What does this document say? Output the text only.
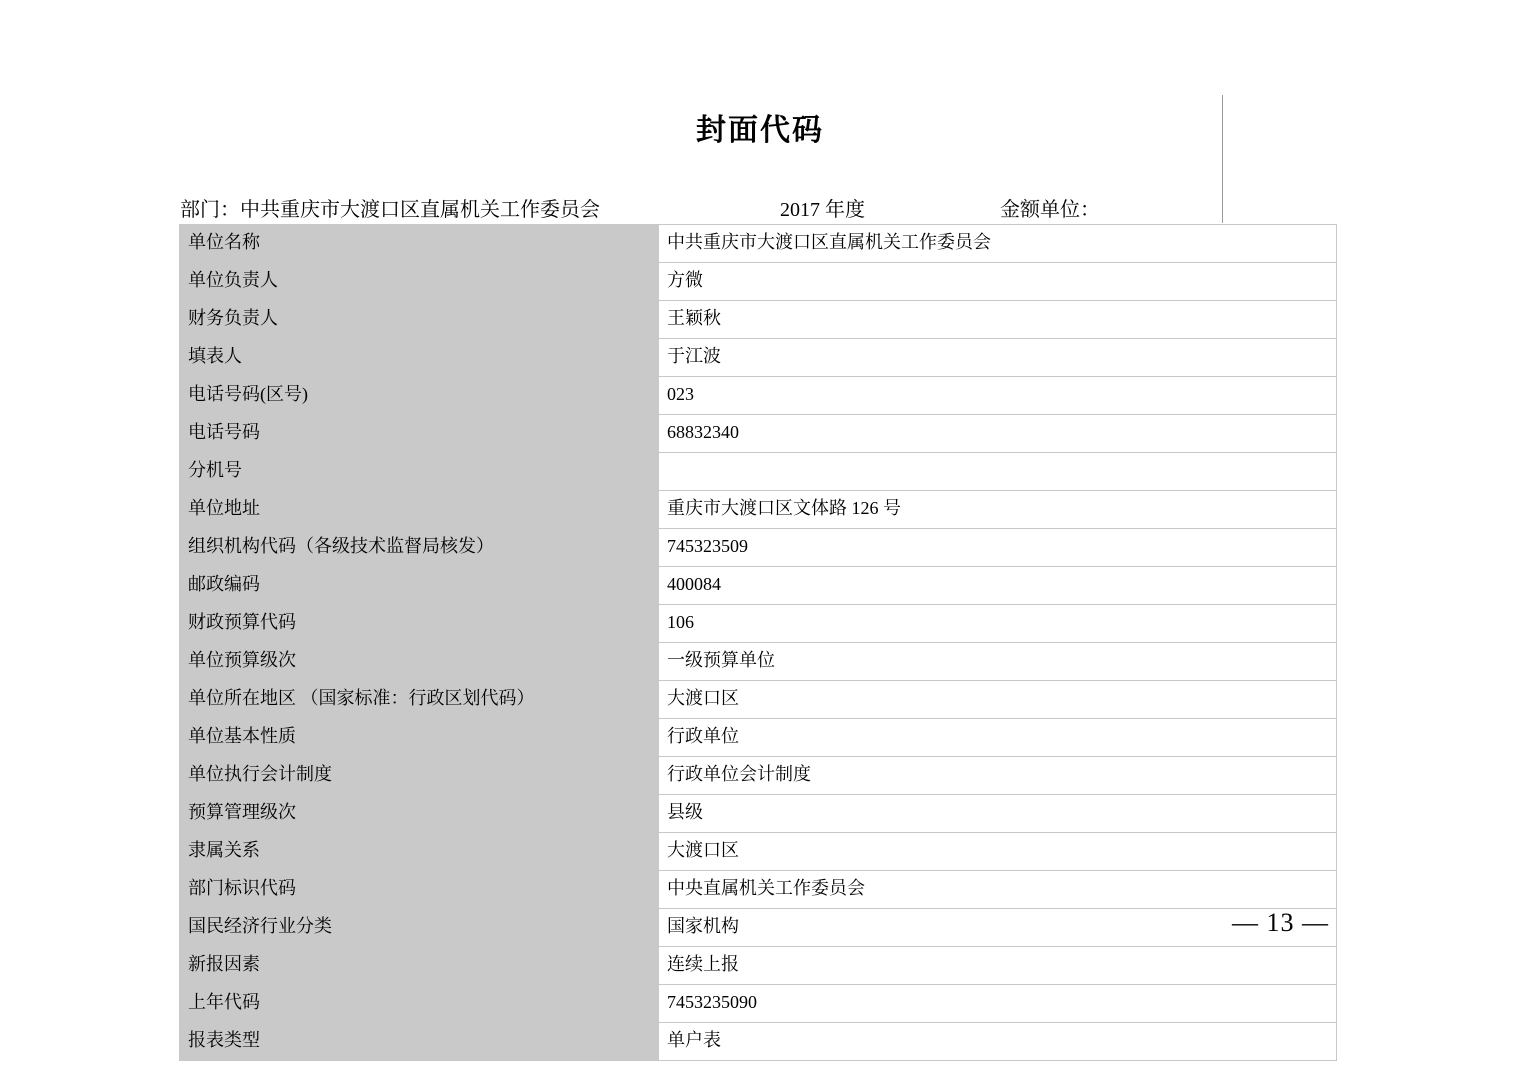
封面代码
部门：中共重庆市大渡口区直属机关工作委员会	2017 年度	金额单位：
单位名称	中共重庆市大渡口区直属机关工作委员会
单位负责人	方微
财务负责人	王颖秋
填表人	于江波
电话号码(区号)	023
电话号码	68832340
分机号	
单位地址	重庆市大渡口区文体路 126 号
组织机构代码（各级技术监督局核发）	745323509
邮政编码	400084
财政预算代码	106
单位预算级次	一级预算单位
单位所在地区 （国家标准：行政区划代码）	大渡口区
单位基本性质	行政单位
单位执行会计制度	行政单位会计制度
预算管理级次	县级
隶属关系	大渡口区
部门标识代码	中央直属机关工作委员会
国民经济行业分类	国家机构
新报因素	连续上报
上年代码	7453235090
报表类型	单户表
— 13 —
